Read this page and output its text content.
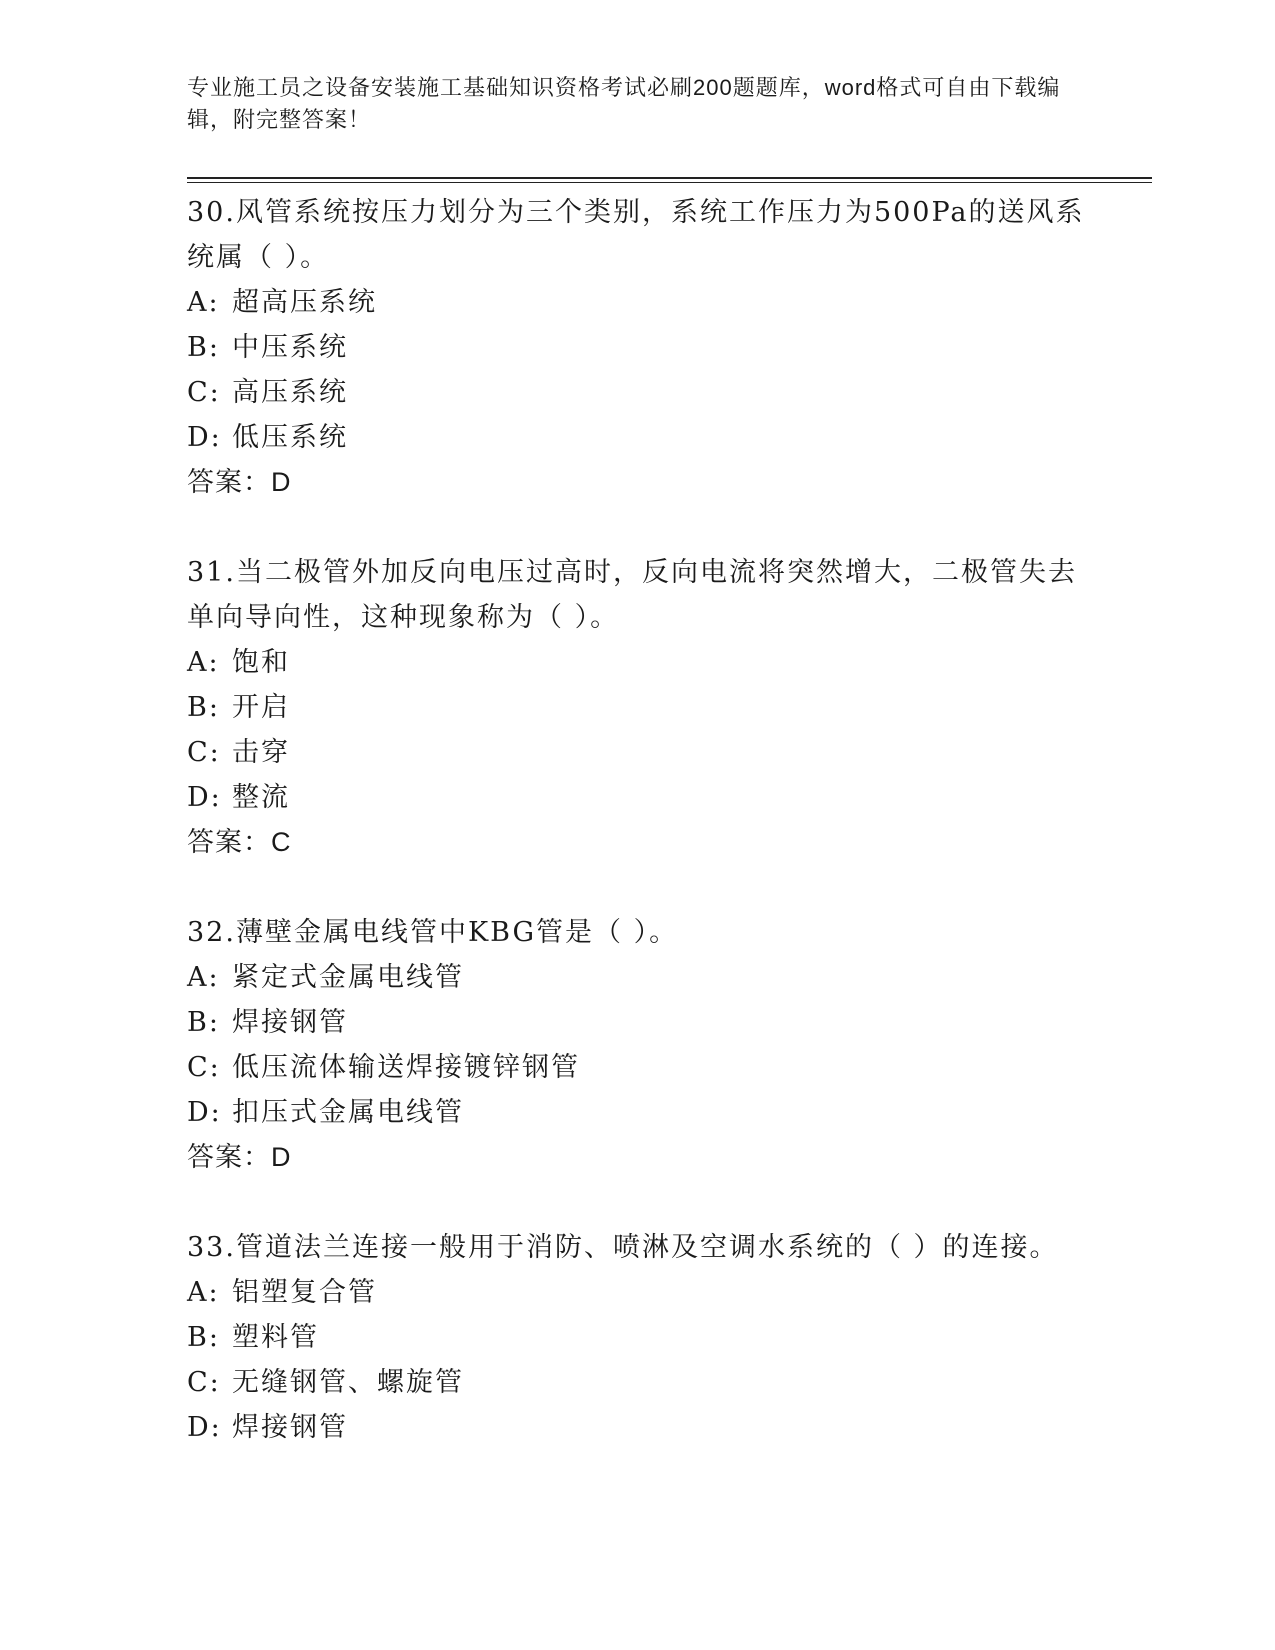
专业施工员之设备安装施工基础知识资格考试必刷200题题库，word格式可自由下载编辑，附完整答案！
30.风管系统按压力划分为三个类别，系统工作压力为500Pa的送风系统属（ ）。
A: 超高压系统
B: 中压系统
C: 高压系统
D: 低压系统
答案：D
31.当二极管外加反向电压过高时，反向电流将突然增大，二极管失去单向导向性，这种现象称为（ ）。
A: 饱和
B: 开启
C: 击穿
D: 整流
答案：C
32.薄壁金属电线管中KBG管是（ ）。
A: 紧定式金属电线管
B: 焊接钢管
C: 低压流体输送焊接镀锌钢管
D: 扣压式金属电线管
答案：D
33.管道法兰连接一般用于消防、喷淋及空调水系统的（ ）的连接。
A: 铝塑复合管
B: 塑料管
C: 无缝钢管、螺旋管
D: 焊接钢管
